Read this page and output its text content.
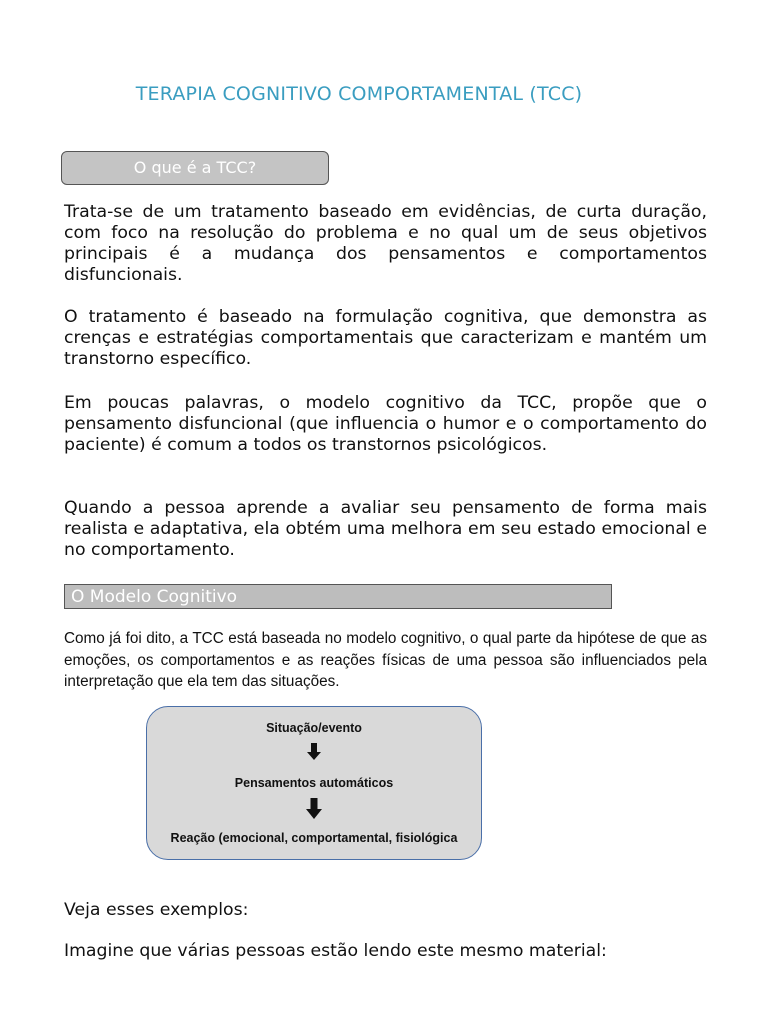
TERAPIA COGNITIVO COMPORTAMENTAL (TCC)
O que é a TCC?

Trata-se de um tratamento baseado em evidências, de curta duração, com foco na resolução do problema e no qual um de seus objetivos principais é a mudança dos pensamentos e comportamentos disfuncionais.

O tratamento é baseado na formulação cognitiva, que demonstra as crenças e estratégias comportamentais que caracterizam e mantém um transtorno específico.

Em poucas palavras, o modelo cognitivo da TCC, propõe que o pensamento disfuncional (que influencia o humor e o comportamento do paciente) é comum a todos os transtornos psicológicos.

Quando a pessoa aprende a avaliar seu pensamento de forma mais realista e adaptativa, ela obtém uma melhora em seu estado emocional e no comportamento.

O Modelo Cognitivo

Como já foi dito, a TCC está baseada no modelo cognitivo, o qual parte da hipótese de que as emoções, os comportamentos e as reações físicas de uma pessoa são influenciados pela interpretação que ela tem das situações.

Situação/evento
Pensamentos automáticos
Reação (emocional, comportamental, fisiológica
Veja esses exemplos:
Imagine que várias pessoas estão lendo este mesmo material:
